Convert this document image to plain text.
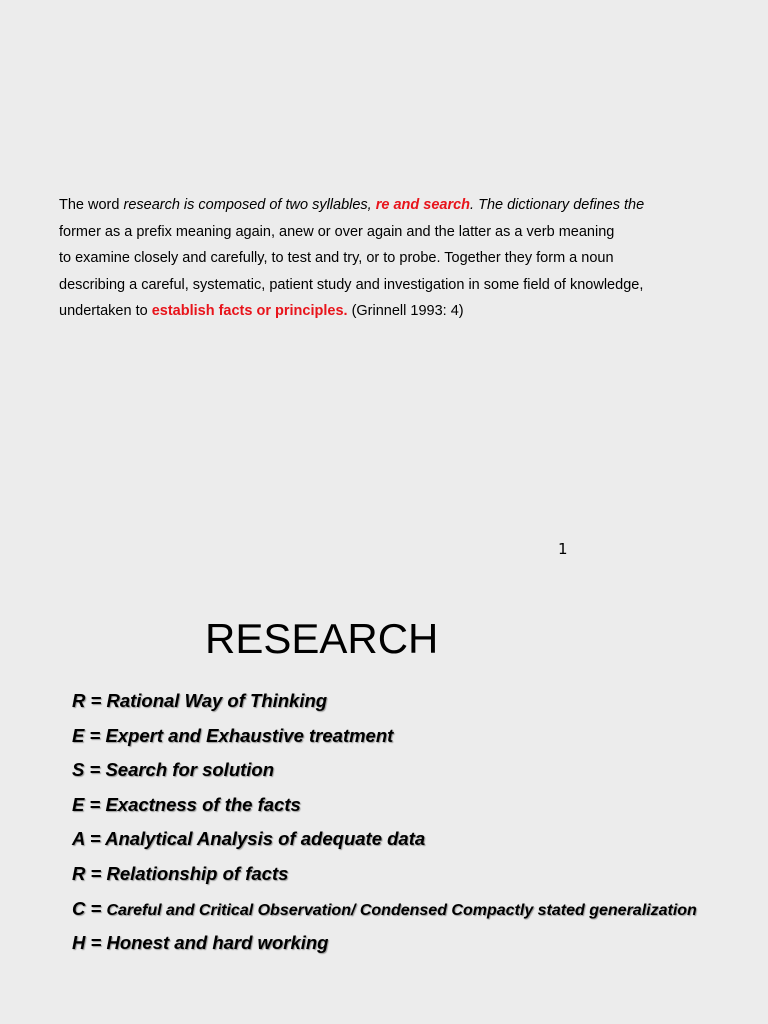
The word research is composed of two syllables, re and search. The dictionary defines the
former as a prefix meaning again, anew or over again and the latter as a verb meaning
to examine closely and carefully, to test and try, or to probe. Together they form a noun
describing a careful, systematic, patient study and investigation in some field of knowledge,
undertaken to establish facts or principles. (Grinnell 1993: 4)

1
RESEARCH
R = Rational Way of Thinking
E = Expert and Exhaustive treatment
S = Search for solution
E = Exactness of the facts
A = Analytical Analysis of adequate data
R = Relationship of facts
C = Careful and Critical Observation/ Condensed Compactly stated generalization
H = Honest and hard working
